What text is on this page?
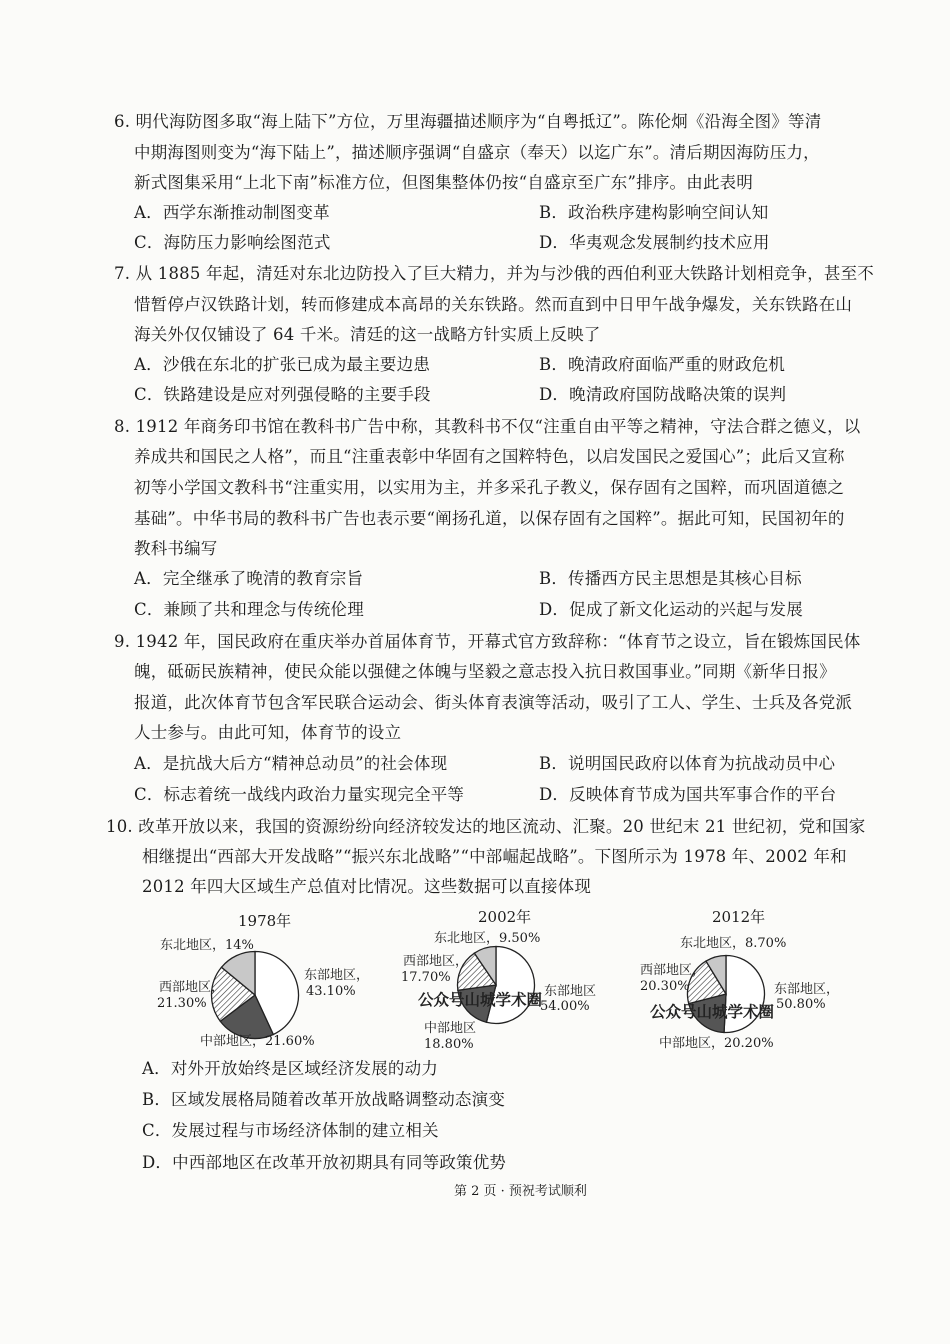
6. 明代海防图多取“海上陆下”方位，万里海疆描述顺序为“自粤抵辽”。陈伦炯《沿海全图》等清
中期海图则变为“海下陆上”，描述顺序强调“自盛京（奉天）以迄广东”。清后期因海防压力，
新式图集采用“上北下南”标准方位，但图集整体仍按“自盛京至广东”排序。由此表明
A．西学东渐推动制图变革	B．政治秩序建构影响空间认知
C．海防压力影响绘图范式	D．华夷观念发展制约技术应用
7. 从 1885 年起，清廷对东北边防投入了巨大精力，并为与沙俄的西伯利亚大铁路计划相竞争，甚至不
惜暂停卢汉铁路计划，转而修建成本高昂的关东铁路。然而直到中日甲午战争爆发，关东铁路在山
海关外仅仅铺设了 64 千米。清廷的这一战略方针实质上反映了
A．沙俄在东北的扩张已成为最主要边患	B．晚清政府面临严重的财政危机
C．铁路建设是应对列强侵略的主要手段	D．晚清政府国防战略决策的误判
8. 1912 年商务印书馆在教科书广告中称，其教科书不仅“注重自由平等之精神，守法合群之德义，以
养成共和国民之人格”，而且“注重表彰中华固有之国粹特色，以启发国民之爱国心”；此后又宣称
初等小学国文教科书“注重实用，以实用为主，并多采孔子教义，保存固有之国粹，而巩固道德之
基础”。中华书局的教科书广告也表示要“阐扬孔道，以保存固有之国粹”。据此可知，民国初年的
教科书编写
A．完全继承了晚清的教育宗旨	B．传播西方民主思想是其核心目标
C．兼顾了共和理念与传统伦理	D．促成了新文化运动的兴起与发展
9. 1942 年，国民政府在重庆举办首届体育节，开幕式官方致辞称：“体育节之设立，旨在锻炼国民体
魄，砥砺民族精神，使民众能以强健之体魄与坚毅之意志投入抗日救国事业。”同期《新华日报》
报道，此次体育节包含军民联合运动会、街头体育表演等活动，吸引了工人、学生、士兵及各党派
人士参与。由此可知，体育节的设立
A．是抗战大后方“精神总动员”的社会体现	B．说明国民政府以体育为抗战动员中心
C．标志着统一战线内政治力量实现完全平等	D．反映体育节成为国共军事合作的平台
10. 改革开放以来，我国的资源纷纷向经济较发达的地区流动、汇聚。20 世纪末 21 世纪初，党和国家
相继提出“西部大开发战略”“振兴东北战略”“中部崛起战略”。下图所示为 1978 年、2002 年和
2012 年四大区域生产总值对比情况。这些数据可以直接体现
1978年	2002年	2012年
东北地区，14%
西部地区，
21.30%
东部地区，
43.10%
中部地区，21.60%
东北地区，9.50%
西部地区，
17.70%
东部地区
54.00%
中部地区
18.80%
东北地区，8.70%
西部地区，
20.30%	东部地区，
50.80%
中部地区，20.20%
公众号山城学术圈
公众号山城学术圈
A．对外开放始终是区域经济发展的动力
B．区域发展格局随着改革开放战略调整动态演变
C．发展过程与市场经济体制的建立相关
D．中西部地区在改革开放初期具有同等政策优势
第 2 页 · 预祝考试顺利
